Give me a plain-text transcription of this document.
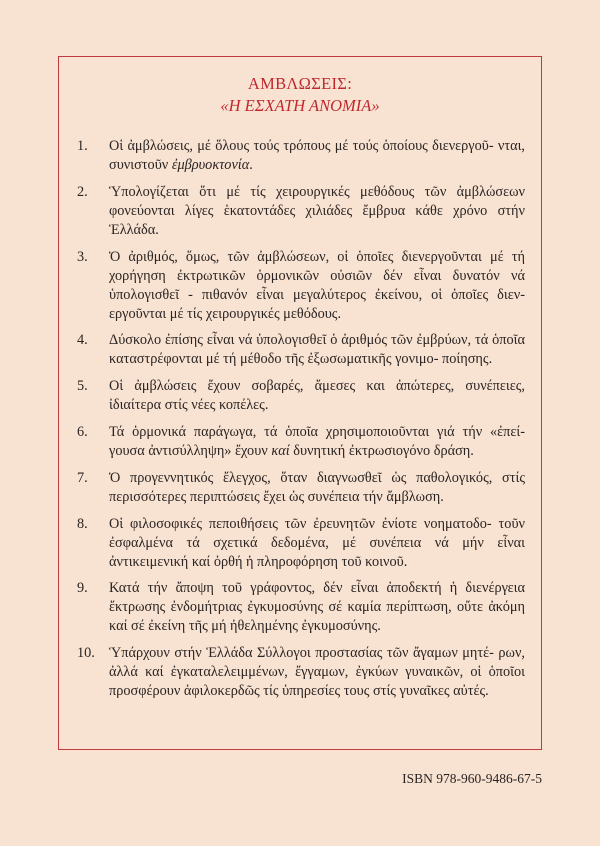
ΑΜΒΛΩΣΕΙΣ:
«Η ΕΣΧΑΤΗ ΑΝΟΜΙΑ»
1.	Οἱ ἀμβλώσεις, μέ ὅλους τούς τρόπους μέ τούς ὁποίους διενεργοῦ- νται, συνιστοῦν ἐμβρυοκτονία.
2.	Ὑπολογίζεται ὅτι μέ τίς χειρουργικές μεθόδους τῶν ἀμβλώσεων φονεύονται λίγες ἑκατοντάδες χιλιάδες ἔμβρυα κάθε χρόνο στήν Ἑλλάδα.
3.	Ὁ ἀριθμός, ὅμως, τῶν ἀμβλώσεων, οἱ ὁποῖες διενεργοῦνται μέ τή χορήγηση ἐκτρωτικῶν ὁρμονικῶν οὐσιῶν δέν εἶναι δυνατόν νά ὑπολογισθεῖ - πιθανόν εἶναι μεγαλύτερος ἐκείνου, οἱ ὁποῖες διεν- εργοῦνται μέ τίς χειρουργικές μεθόδους.
4.	Δύσκολο ἐπίσης εἶναι νά ὑπολογισθεῖ ὁ ἀριθμός τῶν ἐμβρύων, τά ὁποῖα καταστρέφονται μέ τή μέθοδο τῆς ἐξωσωματικῆς γονιμο- ποίησης.
5.	Οἱ ἀμβλώσεις ἔχουν σοβαρές, ἄμεσες και ἀπώτερες, συνέπειες, ἰδιαίτερα στίς νέες κοπέλες.
6.	Τά ὁρμονικά παράγωγα, τά ὁποῖα χρησιμοποιοῦνται γιά τήν «ἐπεί- γουσα ἀντισύλληψη» ἔχουν καί δυνητική ἐκτρωσιογόνο δράση.
7.	Ὁ προγεννητικός ἔλεγχος, ὅταν διαγνωσθεῖ ὡς παθολογικός, στίς περισσότερες περιπτώσεις ἔχει ὡς συνέπεια τήν ἄμβλωση.
8.	Οἱ φιλοσοφικές πεποιθήσεις τῶν ἐρευνητῶν ἐνίοτε νοηματοδο- τοῦν ἐσφαλμένα τά σχετικά δεδομένα, μέ συνέπεια νά μήν εἶναι ἀντικειμενική καί ὀρθή ἡ πληροφόρηση τοῦ κοινοῦ.
9.	Κατά τήν ἄποψη τοῦ γράφοντος, δέν εἶναι ἀποδεκτή ἡ διενέργεια ἔκτρωσης ἐνδομήτριας ἐγκυμοσύνης σέ καμία περίπτωση, οὔτε ἀκόμη καί σέ ἐκείνη τῆς μή ἠθελημένης ἐγκυμοσύνης.
10. Ὑπάρχουν στήν Ἑλλάδα Σύλλογοι προστασίας τῶν ἄγαμων μητέ- ρων, ἀλλά καί ἐγκαταλελειμμένων, ἔγγαμων, ἐγκύων γυναικῶν, οἱ ὁποῖοι προσφέρουν ἀφιλοκερδῶς τίς ὑπηρεσίες τους στίς γυναῖκες αὐτές.
ISBN 978-960-9486-67-5
